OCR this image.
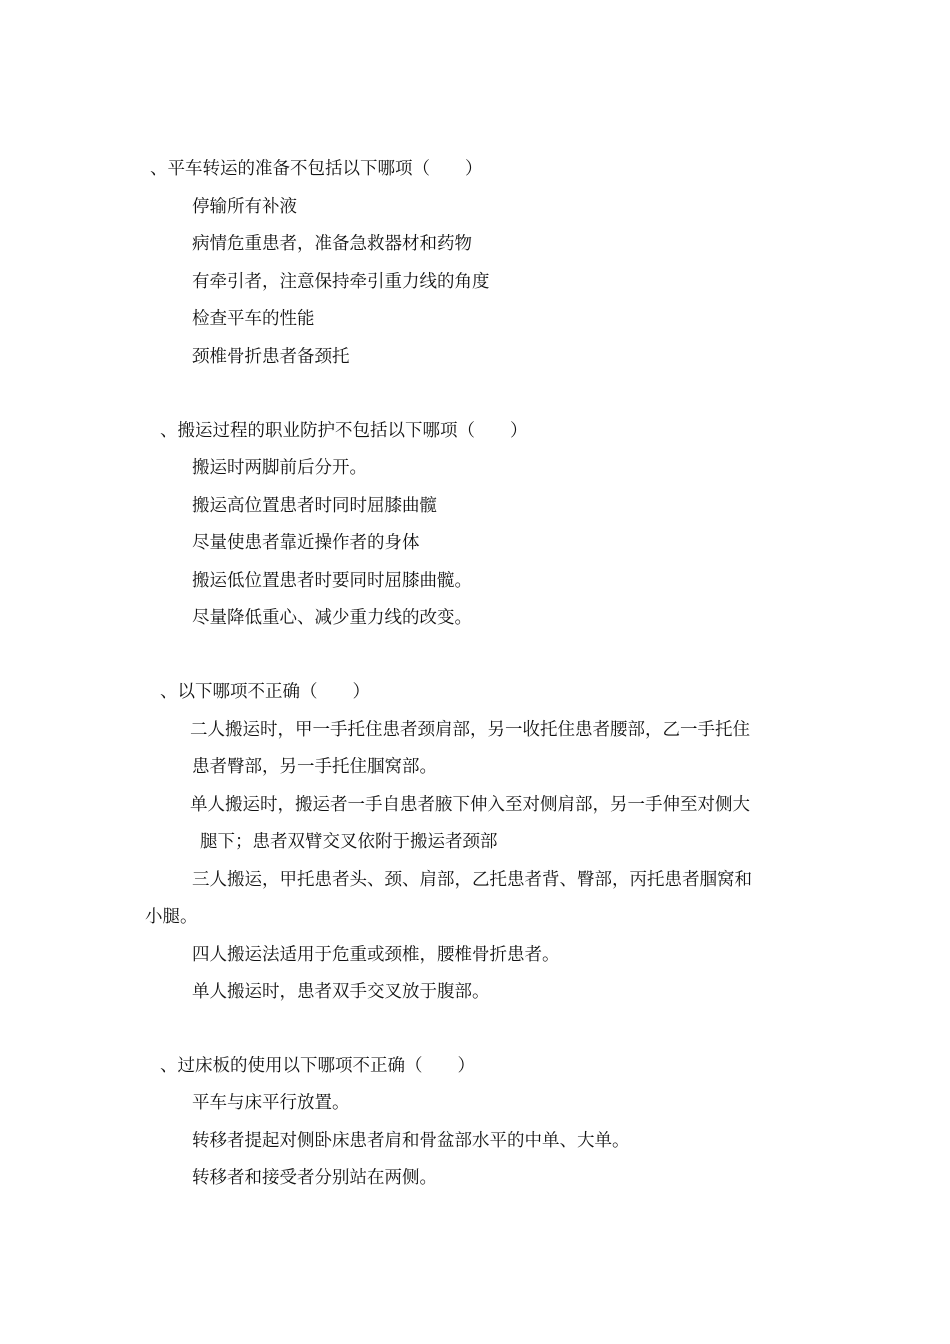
、平车转运的准备不包括以下哪项（　　）
停输所有补液
病情危重患者，准备急救器材和药物
有牵引者，注意保持牵引重力线的角度
检查平车的性能
颈椎骨折患者备颈托
、搬运过程的职业防护不包括以下哪项（　　）
搬运时两脚前后分开。
搬运高位置患者时同时屈膝曲髋
尽量使患者靠近操作者的身体
搬运低位置患者时要同时屈膝曲髋。
尽量降低重心、减少重力线的改变。
、以下哪项不正确（　　）
二人搬运时，甲一手托住患者颈肩部，另一收托住患者腰部，乙一手托住
患者臀部，另一手托住腘窝部。
单人搬运时，搬运者一手自患者腋下伸入至对侧肩部，另一手伸至对侧大
腿下；患者双臂交叉依附于搬运者颈部
三人搬运，甲托患者头、颈、肩部，乙托患者背、臀部，丙托患者腘窝和
小腿。
四人搬运法适用于危重或颈椎，腰椎骨折患者。
单人搬运时，患者双手交叉放于腹部。
、过床板的使用以下哪项不正确（　　）
平车与床平行放置。
转移者提起对侧卧床患者肩和骨盆部水平的中单、大单。
转移者和接受者分别站在两侧。
